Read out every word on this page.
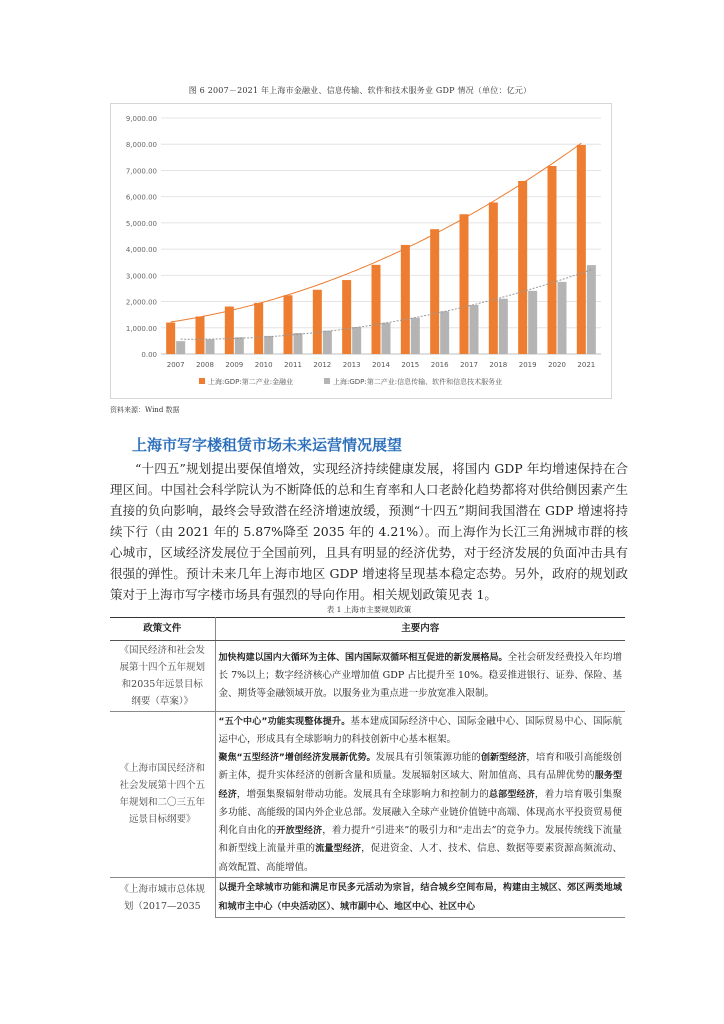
图 6 2007－2021 年上海市金融业、信息传输、软件和技术服务业 GDP 情况（单位：亿元）
0.00
1,000.00
2,000.00
3,000.00
4,000.00
5,000.00
6,000.00
7,000.00
8,000.00
9,000.00
2007 2008 2009 2010 2011 2012 2013 2014 2015 2016 2017 2018 2019 2020 2021
上海:GDP:第二产业:金融业	上海:GDP:第二产业:信息传输、软件和信息技术服务业
资料来源：Wind 数据
上海市写字楼租赁市场未来运营情况展望

“十四五”规划提出要保值增效，实现经济持续健康发展，将国内 GDP 年均增速保持在合理区间。中国社会科学院认为不断降低的总和生育率和人口老龄化趋势都将对供给侧因素产生直接的负向影响，最终会导致潜在经济增速放缓，预测“十四五”期间我国潜在 GDP 增速将持续下行（由 2021 年的 5.87%降至 2035 年的 4.21%）。而上海作为长江三角洲城市群的核心城市，区域经济发展位于全国前列，且具有明显的经济优势，对于经济发展的负面冲击具有很强的弹性。预计未来几年上海市地区 GDP 增速将呈现基本稳定态势。另外，政府的规划政策对于上海市写字楼市场具有强烈的导向作用。相关规划政策见表 1。

表 1 上海市主要规划政策
政策文件	主要内容
《国民经济和社会发展第十四个五年规划和2035年远景目标纲要（草案）》	加快构建以国内大循环为主体、国内国际双循环相互促进的新发展格局。全社会研发经费投入年均增长 7%以上；数字经济核心产业增加值 GDP 占比提升至 10%。稳妥推进银行、证券、保险、基金、期货等金融领域开放。以服务业为重点进一步放宽准入限制。
《上海市国民经济和社会发展第十四个五年规划和二〇三五年远景目标纲要》	“五个中心”功能实现整体提升。基本建成国际经济中心、国际金融中心、国际贸易中心、国际航运中心，形成具有全球影响力的科技创新中心基本框架。
聚焦“五型经济”增创经济发展新优势。发展具有引领策源功能的创新型经济，培育和吸引高能级创新主体，提升实体经济的创新含量和质量。发展辐射区域大、附加值高、具有品牌优势的服务型经济，增强集聚辐射带动功能。发展具有全球影响力和控制力的总部型经济，着力培育吸引集聚多功能、高能级的国内外企业总部。发展融入全球产业链价值链中高端、体现高水平投资贸易便利化自由化的开放型经济，着力提升“引进来”的吸引力和“走出去”的竞争力。发展传统线下流量和新型线上流量并重的流量型经济，促进资金、人才、技术、信息、数据等要素资源高频流动、高效配置、高能增值。
《上海市城市总体规划（2017—2035	以提升全球城市功能和满足市民多元活动为宗旨，结合城乡空间布局，构建由主城区、郊区两类地域和城市主中心（中央活动区）、城市副中心、地区中心、社区中心
